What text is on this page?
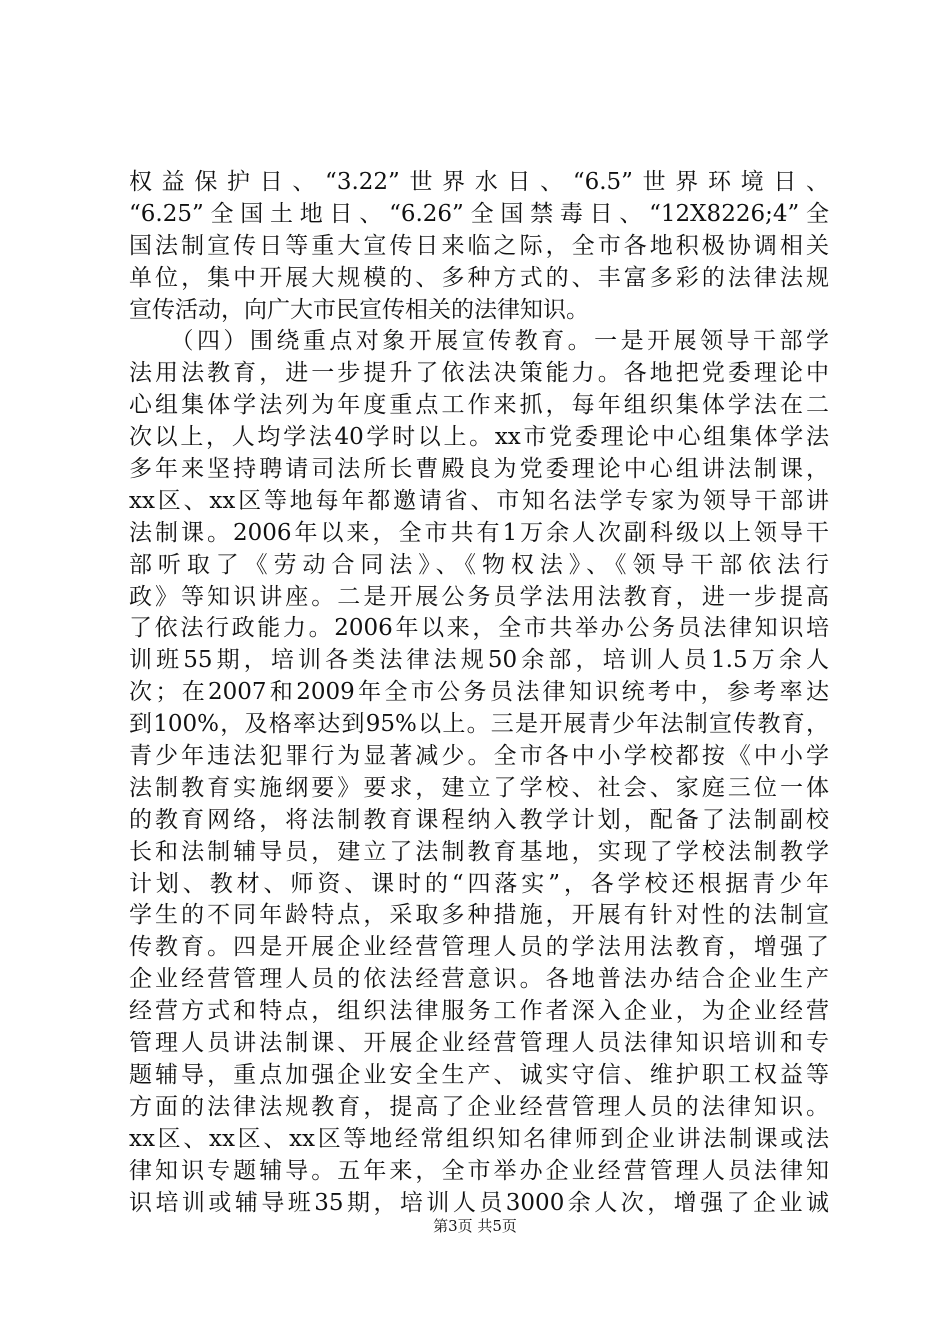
权益保护日、“3.22”世界水日、“6.5”世界环境日、
“6.25”全国土地日、“6.26”全国禁毒日、“12X8226;4”全
国法制宣传日等重大宣传日来临之际，全市各地积极协调相关
单位，集中开展大规模的、多种方式的、丰富多彩的法律法规
宣传活动，向广大市民宣传相关的法律知识。
　　（四）围绕重点对象开展宣传教育。一是开展领导干部学
法用法教育，进一步提升了依法决策能力。各地把党委理论中
心组集体学法列为年度重点工作来抓，每年组织集体学法在二
次以上，人均学法40学时以上。xx市党委理论中心组集体学法
多年来坚持聘请司法所长曹殿良为党委理论中心组讲法制课，
xx区、xx区等地每年都邀请省、市知名法学专家为领导干部讲
法制课。2006年以来，全市共有1万余人次副科级以上领导干
部听取了《劳动合同法》、《物权法》、《领导干部依法行
政》等知识讲座。二是开展公务员学法用法教育，进一步提高
了依法行政能力。2006年以来，全市共举办公务员法律知识培
训班55期，培训各类法律法规50余部，培训人员1.5万余人
次；在2007和2009年全市公务员法律知识统考中，参考率达
到100%，及格率达到95%以上。三是开展青少年法制宣传教育，
青少年违法犯罪行为显著减少。全市各中小学校都按《中小学
法制教育实施纲要》要求，建立了学校、社会、家庭三位一体
的教育网络，将法制教育课程纳入教学计划，配备了法制副校
长和法制辅导员，建立了法制教育基地，实现了学校法制教学
计划、教材、师资、课时的“四落实”，各学校还根据青少年
学生的不同年龄特点，采取多种措施，开展有针对性的法制宣
传教育。四是开展企业经营管理人员的学法用法教育，增强了
企业经营管理人员的依法经营意识。各地普法办结合企业生产
经营方式和特点，组织法律服务工作者深入企业，为企业经营
管理人员讲法制课、开展企业经营管理人员法律知识培训和专
题辅导，重点加强企业安全生产、诚实守信、维护职工权益等
方面的法律法规教育，提高了企业经营管理人员的法律知识。
xx区、xx区、xx区等地经常组织知名律师到企业讲法制课或法
律知识专题辅导。五年来，全市举办企业经营管理人员法律知
识培训或辅导班35期，培训人员3000余人次，增强了企业诚
第3页 共5页
